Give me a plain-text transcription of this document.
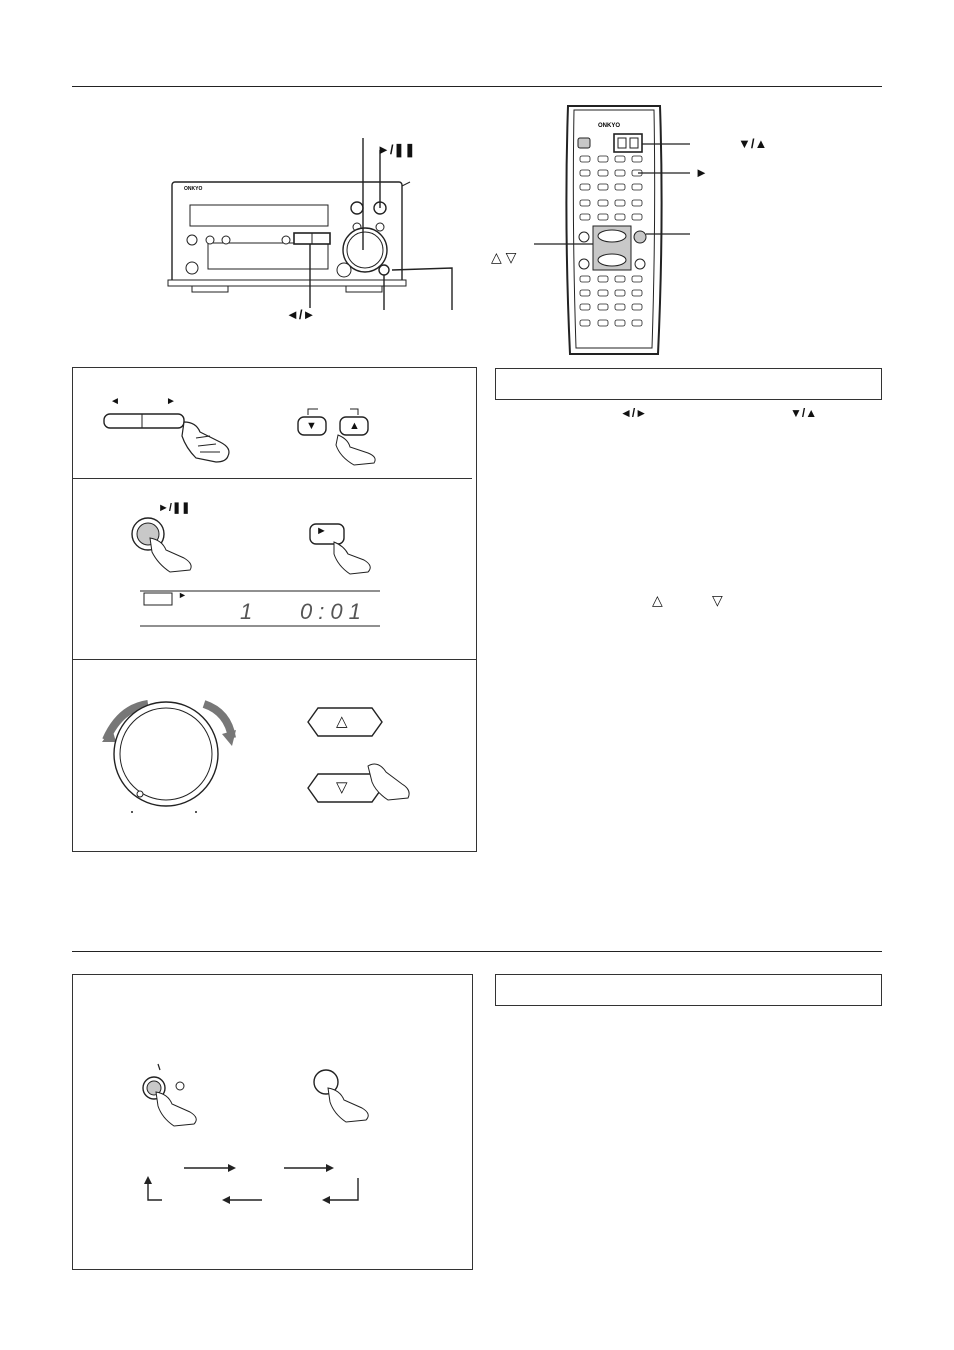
ONKYO
►/❚❚
◄/►
ONKYO
▼/▲
►
△ ▽
◄	►
▼	▲
►/❚❚
►
►
1 0:01
△
▽
◄/►	▼/▲
△	▽
